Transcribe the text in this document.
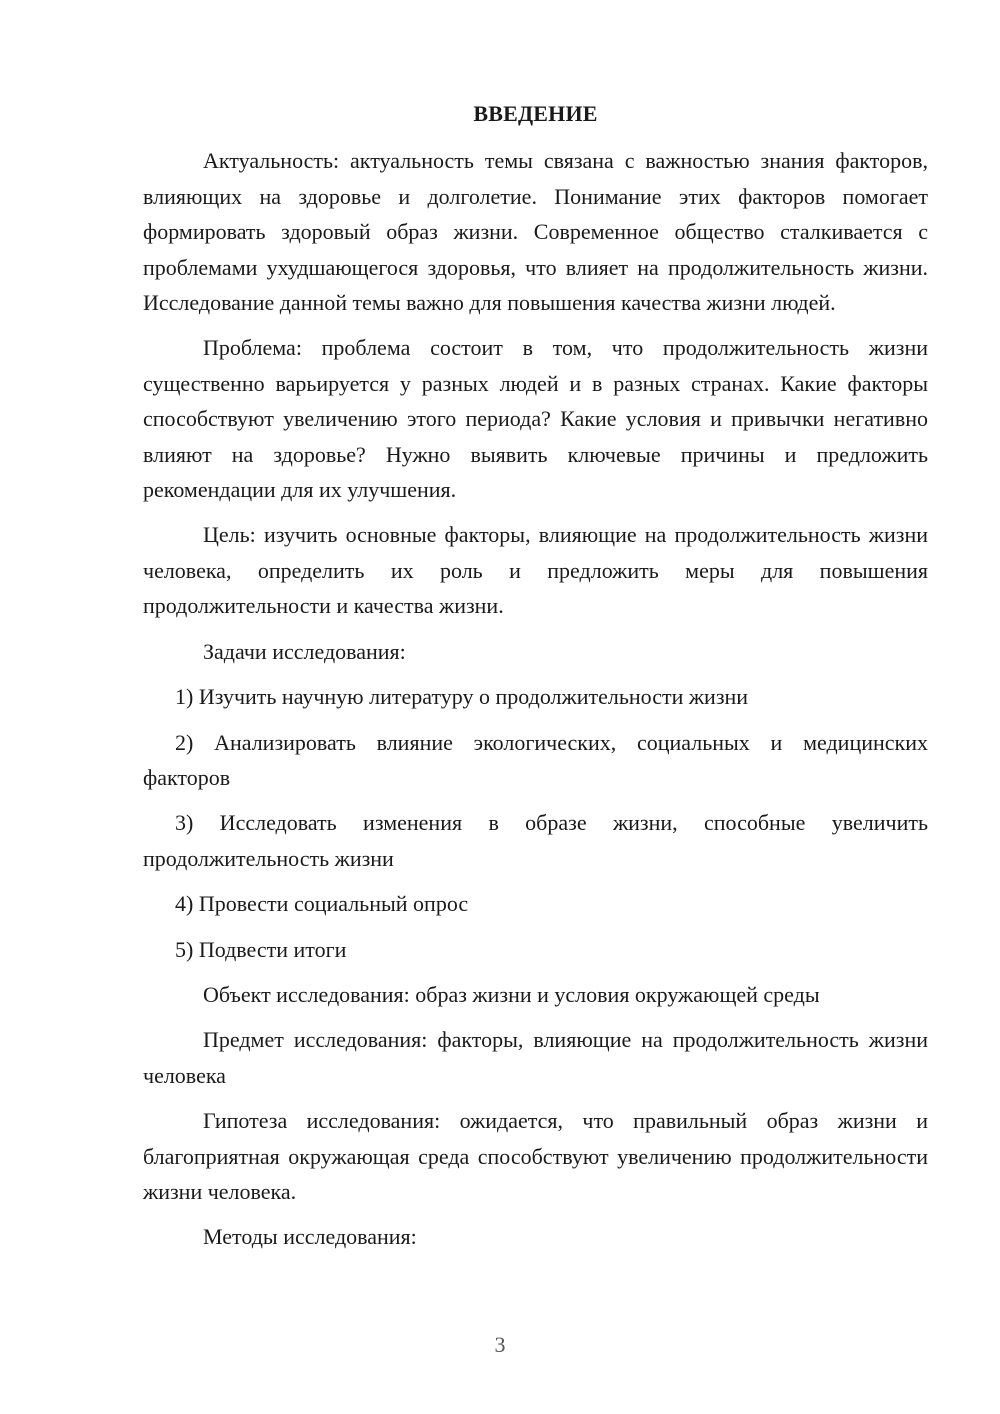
ВВЕДЕНИЕ

Актуальность: актуальность темы связана с важностью знания факторов, влияющих на здоровье и долголетие. Понимание этих факторов помогает формировать здоровый образ жизни. Современное общество сталкивается с проблемами ухудшающегося здоровья, что влияет на продолжительность жизни. Исследование данной темы важно для повышения качества жизни людей.

Проблема: проблема состоит в том, что продолжительность жизни существенно варьируется у разных людей и в разных странах. Какие факторы способствуют увеличению этого периода? Какие условия и привычки негативно влияют на здоровье? Нужно выявить ключевые причины и предложить рекомендации для их улучшения.

Цель: изучить основные факторы, влияющие на продолжительность жизни человека, определить их роль и предложить меры для повышения продолжительности и качества жизни.

Задачи исследования:

1) Изучить научную литературу о продолжительности жизни

2) Анализировать влияние экологических, социальных и медицинских факторов

3) Исследовать изменения в образе жизни, способные увеличить продолжительность жизни

4) Провести социальный опрос

5) Подвести итоги

Объект исследования: образ жизни и условия окружающей среды

Предмет исследования: факторы, влияющие на продолжительность жизни человека

Гипотеза исследования: ожидается, что правильный образ жизни и благоприятная окружающая среда способствуют увеличению продолжительности жизни человека.

Методы исследования:

3
